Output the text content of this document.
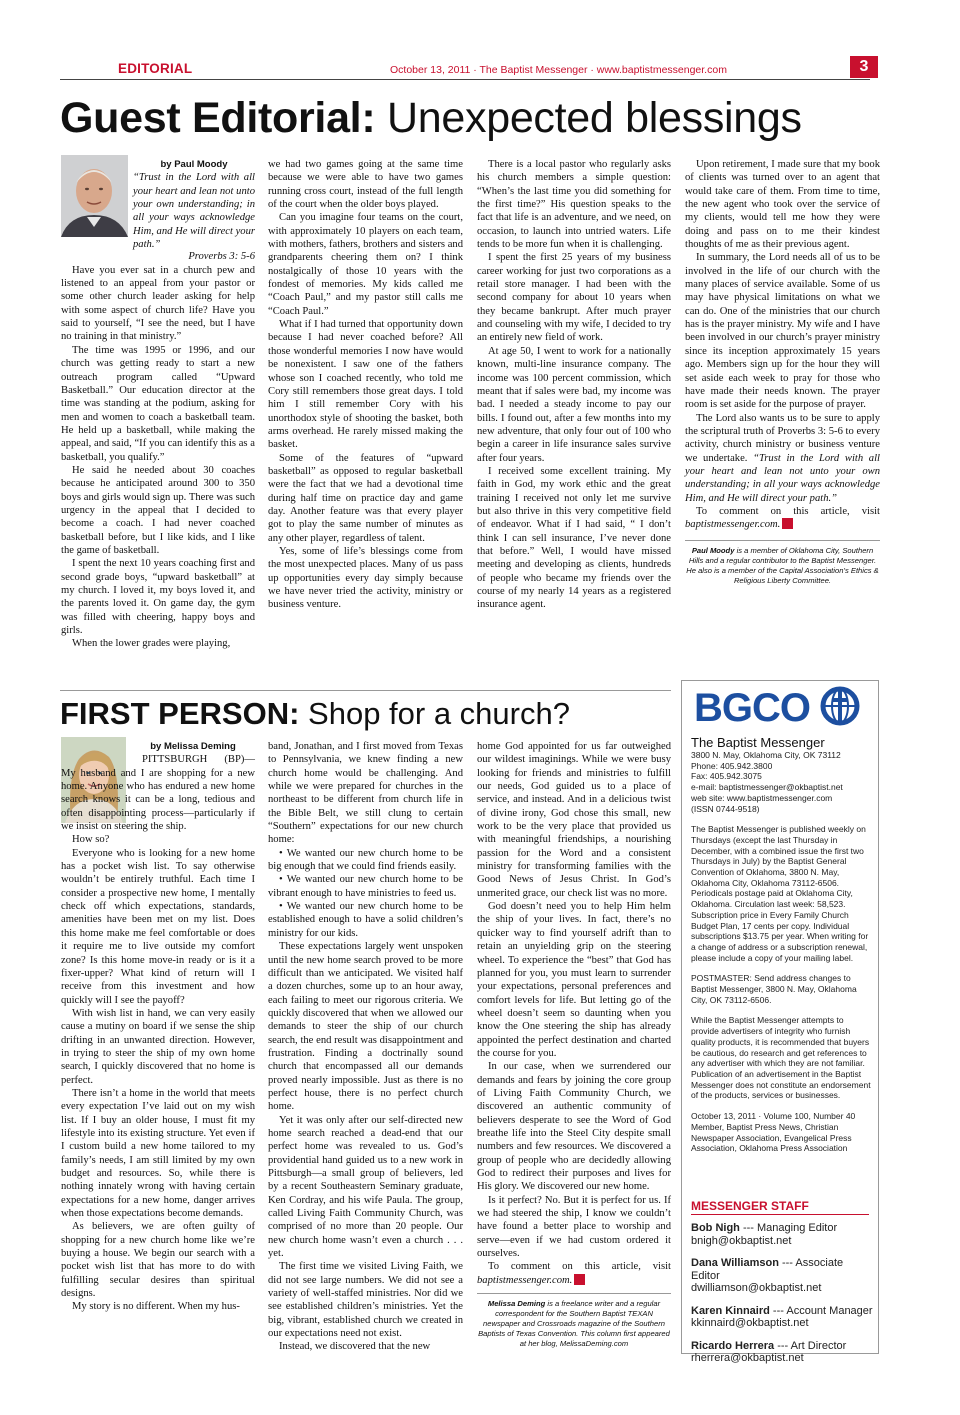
EDITORIAL	October 13, 2011 · The Baptist Messenger · www.baptistmessenger.com	3
Guest Editorial: Unexpected blessings

by Paul Moody

“Trust in the Lord with all your heart and lean not unto your own understanding; in all your ways acknowledge Him, and He will direct your path.”

Proverbs 3: 5-6

Have you ever sat in a church pew and listened to an appeal from your pastor or some other church leader asking for help with some aspect of church life? Have you said to yourself, “I see the need, but I have no training in that ministry.”

The time was 1995 or 1996, and our church was getting ready to start a new outreach program called “Upward Basketball.” Our education director at the time was standing at the podium, asking for men and women to coach a basketball team. He held up a basketball, while making the appeal, and said, “If you can identify this as a basketball, you qualify.”

He said he needed about 30 coaches because he anticipated around 300 to 350 boys and girls would sign up. There was such urgency in the appeal that I decided to become a coach. I had never coached basketball before, but I like kids, and I like the game of basketball.

I spent the next 10 years coaching first and second grade boys, “upward basketball” at my church. I loved it, my boys loved it, and the parents loved it. On game day, the gym was filled with cheering, happy boys and girls.

When the lower grades were playing,

we had two games going at the same time because we were able to have two games running cross court, instead of the full length of the court when the older boys played.

Can you imagine four teams on the court, with approximately 10 players on each team, with mothers, fathers, brothers and sisters and grandparents cheering them on? I think nostalgically of those 10 years with the fondest of memories. My kids called me “Coach Paul,” and my pastor still calls me “Coach Paul.”

What if I had turned that opportunity down because I had never coached before? All those wonderful memories I now have would be nonexistent. I saw one of the fathers whose son I coached recently, who told me Cory still remembers those great days. I told him I still remember Cory with his unorthodox style of shooting the basket, both arms overhead. He rarely missed making the basket.

Some of the features of “upward basketball” as opposed to regular basketball were the fact that we had a devotional time during half time on practice day and game day. Another feature was that every player got to play the same number of minutes as any other player, regardless of talent.

Yes, some of life’s blessings come from the most unexpected places. Many of us pass up opportunities every day simply because we have never tried the activity, ministry or business venture.

There is a local pastor who regularly asks his church members a simple question: “When’s the last time you did something for the first time?” His question speaks to the fact that life is an adventure, and we need, on occasion, to launch into untried waters. Life tends to be more fun when it is challenging.

I spent the first 25 years of my business career working for just two corporations as a retail store manager. I had been with the second company for about 10 years when they became bankrupt. After much prayer and counseling with my wife, I decided to try an entirely new field of work.

At age 50, I went to work for a nationally known, multi-line insurance company. The income was 100 percent commission, which meant that if sales were bad, my income was bad. I needed a steady income to pay our bills. I found out, after a few months into my new adventure, that only four out of 100 who begin a career in life insurance sales survive after four years.

I received some excellent training. My faith in God, my work ethic and the great training I received not only let me survive but also thrive in this very competitive field of endeavor. What if I had said, “ I don’t think I can sell insurance, I’ve never done that before.” Well, I would have missed meeting and developing as clients, hundreds of people who became my friends over the course of my nearly 14 years as a registered insurance agent.

Upon retirement, I made sure that my book of clients was turned over to an agent that would take care of them. From time to time, the new agent who took over the service of my clients, would tell me how they were doing and pass on to me their kindest thoughts of me as their previous agent.

In summary, the Lord needs all of us to be involved in the life of our church with the many places of service available. Some of us may have physical limitations on what we can do. One of the ministries that our church has is the prayer ministry. My wife and I have been involved in our church’s prayer ministry since its inception approximately 15 years ago. Members sign up for the hour they will set aside each week to pray for those who have made their needs known. The prayer room is set aside for the purpose of prayer.

The Lord also wants us to be sure to apply the scriptural truth of Proverbs 3: 5-6 to every activity, church ministry or business venture we undertake. “Trust in the Lord with all your heart and lean not unto your own understanding; in all your ways acknowledge Him, and He will direct your path.”

To comment on this article, visit baptistmessenger.com. M

Paul Moody is a member of Oklahoma City, Southern Hills and a regular contributor to the Baptist Messenger. He also is a member of the Capital Association’s Ethics & Religious Liberty Committee.
FIRST PERSON: Shop for a church?

by Melissa Deming

PITTSBURGH (BP)—My husband and I are shopping for a new home. Anyone who has endured a new home search knows it can be a long, tedious and often disappointing process—particularly if we insist on steering the ship.

How so?

Everyone who is looking for a new home has a pocket wish list. To say otherwise wouldn’t be entirely truthful. Each time I consider a prospective new home, I mentally check off which expectations, standards, amenities have been met on my list. Does this home make me feel comfortable or does it require me to live outside my comfort zone? Is this home move-in ready or is it a fixer-upper? What kind of return will I receive from this investment and how quickly will I see the payoff?

With wish list in hand, we can very easily cause a mutiny on board if we sense the ship drifting in an unwanted direction. However, in trying to steer the ship of my own home search, I quickly discovered that no home is perfect.

There isn’t a home in the world that meets every expectation I’ve laid out on my wish list. If I buy an older house, I must fit my lifestyle into its existing structure. Yet even if I custom build a new home tailored to my family’s needs, I am still limited by my own budget and resources. So, while there is nothing innately wrong with having certain expectations for a new home, danger arrives when those expectations become demands.

As believers, we are often guilty of shopping for a new church home like we’re buying a house. We begin our search with a pocket wish list that has more to do with fulfilling secular desires than spiritual designs.

My story is no different. When my hus-

band, Jonathan, and I first moved from Texas to Pennsylvania, we knew finding a new church home would be challenging. And while we were prepared for churches in the northeast to be different from church life in the Bible Belt, we still clung to certain “Southern” expectations for our new church home:

• We wanted our new church home to be big enough that we could find friends easily.

• We wanted our new church home to be vibrant enough to have ministries to feed us.

• We wanted our new church home to be established enough to have a solid children’s ministry for our kids.

These expectations largely went unspoken until the new home search proved to be more difficult than we anticipated. We visited half a dozen churches, some up to an hour away, each failing to meet our rigorous criteria. We quickly discovered that when we allowed our demands to steer the ship of our church search, the end result was disappointment and frustration. Finding a doctrinally sound church that encompassed all our demands proved nearly impossible. Just as there is no perfect house, there is no perfect church home.

Yet it was only after our self-directed new home search reached a dead-end that our perfect home was revealed to us. God’s providential hand guided us to a new work in Pittsburgh—a small group of believers, led by a recent Southeastern Seminary graduate, Ken Cordray, and his wife Paula. The group, called Living Faith Community Church, was comprised of no more than 20 people. Our new church home wasn’t even a church . . . yet.

The first time we visited Living Faith, we did not see large numbers. We did not see a variety of well-staffed ministries. Nor did we see established children’s ministries. Yet the big, vibrant, established church we created in our expectations need not exist.

Instead, we discovered that the new

home God appointed for us far outweighed our wildest imaginings. While we were busy looking for friends and ministries to fulfill our needs, God guided us to a place of service, and instead. And in a delicious twist of divine irony, God chose this small, new work to be the very place that provided us with meaningful friendships, a nourishing passion for the Word and a consistent ministry for transforming families with the Good News of Jesus Christ. In God’s unmerited grace, our check list was no more.

God doesn’t need you to help Him helm the ship of your lives. In fact, there’s no quicker way to find yourself adrift than to retain an unyielding grip on the steering wheel. To experience the “best” that God has planned for you, you must learn to surrender your expectations, personal preferences and comfort levels for life. But letting go of the wheel doesn’t seem so daunting when you know the One steering the ship has already appointed the perfect destination and charted the course for you.

In our case, when we surrendered our demands and fears by joining the core group of Living Faith Community Church, we discovered an authentic community of believers desperate to see the Word of God breathe life into the Steel City despite small numbers and few resources. We discovered a group of people who are decidedly allowing God to redirect their purposes and lives for His glory. We discovered our new home.

Is it perfect? No. But it is perfect for us. If we had steered the ship, I know we couldn’t have found a better place to worship and serve—even if we had custom ordered it ourselves.

To comment on this article, visit baptistmessenger.com. M

Melissa Deming is a freelance writer and a regular correspondent for the Southern Baptist TEXAN newspaper and Crossroads magazine of the Southern Baptists of Texas Convention. This column first appeared at her blog, MelissaDeming.com
BGCO
The Baptist Messenger
3800 N. May, Oklahoma City, OK 73112
Phone: 405.942.3800
Fax: 405.942.3075
e-mail: baptistmessenger@okbaptist.net
web site: www.baptistmessenger.com
(ISSN 0744-9518)

The Baptist Messenger is published weekly on Thursdays (except the last Thursday in December, with a combined issue the first two Thursdays in July) by the Baptist General Convention of Oklahoma, 3800 N. May, Oklahoma City, Oklahoma 73112-6506. Periodicals postage paid at Oklahoma City, Oklahoma. Circulation last week: 58,523. Subscription price in Every Family Church Budget Plan, 17 cents per copy. Individual subscriptions $13.75 per year. When writing for a change of address or a subscription renewal, please include a copy of your mailing label.

POSTMASTER: Send address changes to Baptist Messenger, 3800 N. May, Oklahoma City, OK 73112-6506.

While the Baptist Messenger attempts to provide advertisers of integrity who furnish quality products, it is recommended that buyers be cautious, do research and get references to any advertiser with which they are not familiar. Publication of an advertisement in the Baptist Messenger does not constitute an endorsement of the products, services or businesses.

October 13, 2011 · Volume 100, Number 40 Member, Baptist Press News, Christian Newspaper Association, Evangelical Press Association, Oklahoma Press Association

MESSENGER STAFF
Bob Nigh --- Managing Editor
bnigh@okbaptist.net
Dana Williamson --- Associate Editor
dwilliamson@okbaptist.net
Karen Kinnaird --- Account Manager
kkinnaird@okbaptist.net
Ricardo Herrera --- Art Director
rherrera@okbaptist.net
